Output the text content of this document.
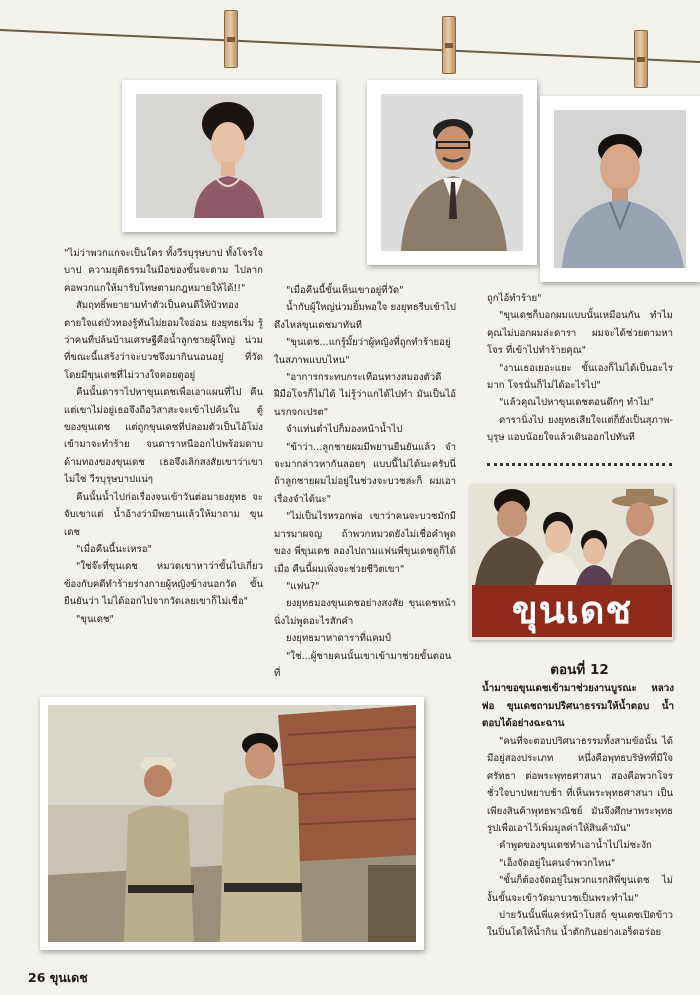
"ไม่ว่าพวกแกจะเป็นใคร ทั้งวีรบุรุษบาป ทั้งโจรใจบาป ความยุติธรรมในมือของขั้นจะตาม ไปลากคอพวกแกให้มารับโทษตามกฎหมายให้ได้!!"

สัมฤทธิ์พยายามทำตัวเป็นคนดีให้บัวทอง ตายใจแต่บัวทองรู้ทันไม่ยอมใจอ่อน ยงยุทธเริ่ม รู้ว่าคนที่ปล้นบ้านเศรษฐีคือน้ำลูกชายผู้ใหญ่ น่วม ที่ขณะนี้แสร้งว่าจะบวชจึงมากินนอนอยู่ ที่วัด โดยมีขุนเดชที่ไม่วางใจคอยดูอยู่

คืนนั้นดาราไปหาขุนเดชเพื่อเอาแผนที่ไป คืน แต่เขาไม่อยู่เธอจึงถือวิสาสะจะเข้าไปค้นใน ตู้ของขุนเดช แต่ถูกขุนเดชที่ปลอมตัวเป็นไอ้โม่ง เข้ามาจะทำร้าย จนดาราหนีออกไปพร้อมดาบ ด้ามทองของขุนเดช เธอจึงเลิกสงสัยเขาว่าเขาไม่ใช่ วีรบุรุษบาปแน่ๆ

คืนนั้นน้ำไปก่อเรื่องจนเข้าวันต่อมายงยุทธ จะจับเขาแต่ น้ำอ้างว่ามีพยานแล้วให้มาถาม ขุนเดช

"เมื่อคืนนี้นะเหรอ"

"ใช่จ๊ะที่ขุนเดช หมวดเขาหาว่าขั้นไปเกี่ยว ข้องกับคดีทำร้ายร่างกายผู้หญิงข้างนอกวัด ขั้นยืนยันว่า ไม่ได้ออกไปจากวัดเลยเขาก็ไม่เชื่อ"

"ขุนเดช"

"เมื่อคืนนี้ขั้นเห็นเขาอยู่ที่วัด"

น้ำกับผู้ใหญ่น่วมยิ้มพอใจ ยงยุทธรีบเข้าไป ดึงไหล่ขุนเดชมาทันที

"ขุนเดช...แกรู้มั้ยว่าผู้หญิงที่ถูกทำร้ายอยู่ ในสภาพแบบไหน"

"อาการกระทบกระเทือนทางสมองตัวดี ฝีมือโจรก็ไม่ได้ ไม่รู้ว่าแกได้ไปทำ มันเป็นไอ้นรกจกเปรต"

จำแท่นต่ำไปก็มองหน้าน้ำไป

"ข้าว่า...ลูกชายผมมีพยานยืนยันแล้ว จำ จะมากล่าวหากันลอยๆ แบบนี้ไม่ได้นะครับนี่ ถ้าลูกชายผมไม่อยู่ในช่วงจะบวชล่ะก็ ผมเอา เรื่องจำได้นะ"

"ไม่เป็นไรหรอกพ่อ เขาว่าคนจะบวชมักมี มารมาผจญ ถ้าพวกหมวดยังไม่เชื่อคำพูด ของ พี่ขุนเดช ลองไปถามแฟนพี่ขุนเดชดูก็ได้ เมื่อ คืนนี้ผมเพิ่งจะช่วยชีวิตเขา"

"แฟน?"

ยงยุทธมองขุนเดชอย่างสงสัย ขุนเดชหน้า นิ่งไม่พูดอะไรสักคำ

ยงยุทธมาหาดาราที่แคมป์

"ใช่...ผู้ชายคนนั้นเขาเข้ามาช่วยขั้นตอนที่

ถูกไอ้ทำร้าย"

"ขุนเดชก็บอกผมแบบนั้นเหมือนกัน ทำไม คุณไม่บอกผมล่ะดารา ผมจะได้ช่วยตามหา โจร ที่เข้าไปทำร้ายคุณ"

"งานเธอเยอะแยะ ขั้นเองก็ไม่ได้เป็นอะไร มาก โจรนั่นก็ไม่ได้อะไรไป"

"แล้วคุณไปหาขุนเดชตอนดึกๆ ทำไม"

ดารานิ่งไป ยงยุทธเสียใจแต่ก็ยังเป็นสุภาพ- บุรุษ แอบน้อยใจแล้วเดินออกไปทันที

ขุนเดช
ตอนที่ 12
น้ำมาขอขุนเดชเข้ามาช่วยงานบูรณะ หลวงพ่อ ขุนเดชถามปริศนาธรรมให้น้ำตอบ น้ำตอบได้อย่างฉะฉาน

"คนที่จะตอบปริศนาธรรมทั้งสามข้อนั้น ได้มีอยู่สองประเภท หนึ่งคือพุทธบริษัทที่มีใจ ศรัทธา ต่อพระพุทธศาสนา สองคือพวกโจร ชั่วใจบาปหยาบช้า ที่เห็นพระพุทธศาสนา เป็น เพียงสินค้าพุทธพาณิชย์ มันจึงศึกษาพระพุทธ รูปเพื่อเอาไว้เพิ่มมูลค่าให้สินค้ามัน"

คำพูดของขุนเดชทำเอาน้ำไปไม่ชะงัก

"เอ็งจัดอยู่ในคนจำพวกไหน"

"ขั้นก็ต้องจัดอยู่ในพวกแรกสิพี่ขุนเดช ไม่ งั้นขั้นจะเข้าวัดมาบวชเป็นพระทำไม"

บ่ายวันนั้นพี่แคร่หน้าโบสถ์ ขุนเดชเปิดข้าว ในปิ่นโตให้น้ำกิน น้ำตักกินอย่างเอร็ดอร่อย

26 ขุนเดช
